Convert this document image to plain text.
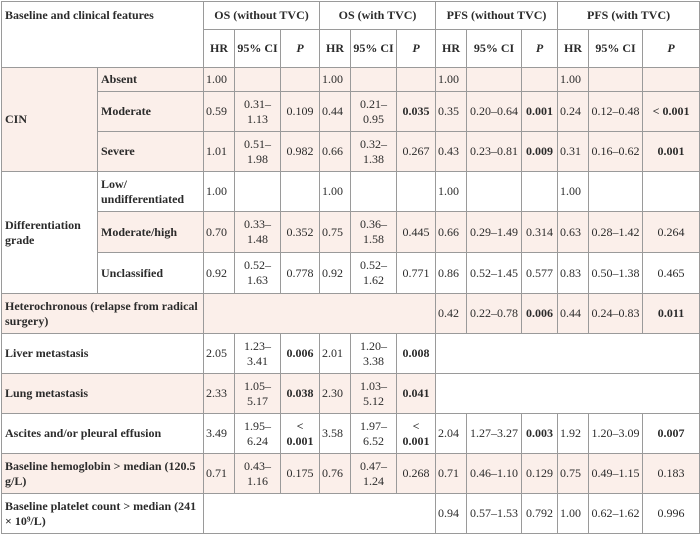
Baseline and clinical features		OS (without TVC)			OS (with TVC)			PFS (without TVC)			PFS (with TVC)		
		HR	95% CI	P	HR	95% CI	P	HR	95% CI	P	HR	95% CI	P
CIN	Absent	1.00			1.00			1.00			1.00		
	Moderate	0.59	0.31–1.13	0.109	0.44	0.21–0.95	0.035	0.35	0.20–0.64	0.001	0.24	0.12–0.48	< 0.001
	Severe	1.01	0.51–1.98	0.982	0.66	0.32–1.38	0.267	0.43	0.23–0.81	0.009	0.31	0.16–0.62	0.001
Differentiation grade	Low/ undifferentiated	1.00			1.00			1.00			1.00		
	Moderate/high	0.70	0.33–1.48	0.352	0.75	0.36–1.58	0.445	0.66	0.29–1.49	0.314	0.63	0.28–1.42	0.264
	Unclassified	0.92	0.52–1.63	0.778	0.92	0.52–1.62	0.771	0.86	0.52–1.45	0.577	0.83	0.50–1.38	0.465
Heterochronous (relapse from radical surgery)								0.42	0.22–0.78	0.006	0.44	0.24–0.83	0.011
Liver metastasis		2.05	1.23–3.41	0.006	2.01	1.20–3.38	0.008						
Lung metastasis		2.33	1.05–5.17	0.038	2.30	1.03–5.12	0.041						
Ascites and/or pleural effusion		3.49	1.95–6.24	< 0.001	3.58	1.97–6.52	< 0.001	2.04	1.27–3.27	0.003	1.92	1.20–3.09	0.007
Baseline hemoglobin > median (120.5 g/L)		0.71	0.43–1.16	0.175	0.76	0.47–1.24	0.268	0.71	0.46–1.10	0.129	0.75	0.49–1.15	0.183
Baseline platelet count > median (241 × 10⁹/L)								0.94	0.57–1.53	0.792	1.00	0.62–1.62	0.996
